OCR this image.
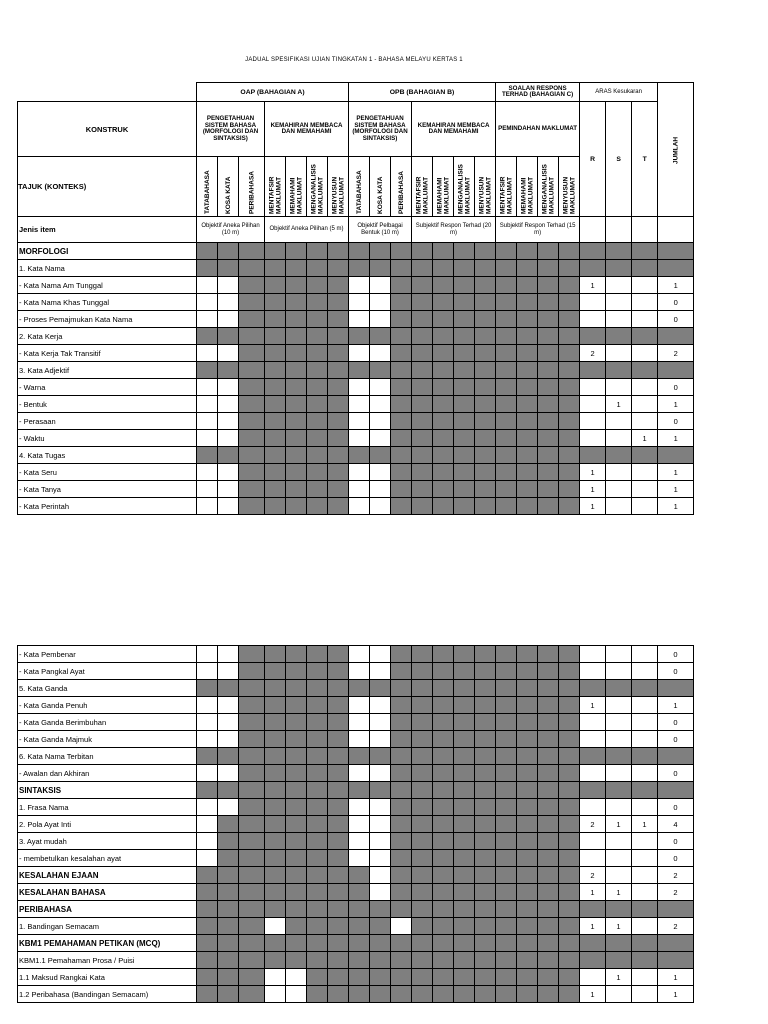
JADUAL SPESIFIKASI UJIAN TINGKATAN 1 - BAHASA MELAYU KERTAS 1
	OAP (BAHAGIAN A)							OPB (BAHAGIAN B)							SOALAN RESPONS TERHAD (BAHAGIAN C)				ARAS Kesukaran			JUMLAH
KONSTRUK	PENGETAHUAN SISTEM BAHASA (MORFOLOGI DAN SINTAKSIS)			KEMAHIRAN MEMBACA DAN MEMAHAMI				PENGETAHUAN SISTEM BAHASA (MORFOLOGI DAN SINTAKSIS)			KEMAHIRAN MEMBACA DAN MEMAHAMI				PEMINDAHAN MAKLUMAT				R	S	T	
TAJUK (KONTEKS)	TATABAHASA	KOSA KATA	PERIBAHASA	MENTAFSIR MAKLUMAT	MEMAHAMI MAKLUMAT	MENGANALISIS MAKLUMAT	MENYUSUN MAKLUMAT	TATABAHASA	KOSA KATA	PERIBAHASA	MENTAFSIR MAKLUMAT	MEMAHAMI MAKLUMAT	MENGANALISIS MAKLUMAT	MENYUSUN MAKLUMAT	MENTAFSIR MAKLUMAT	MEMAHAMI MAKLUMAT	MENGANALISIS MAKLUMAT	MENYUSUN MAKLUMAT				
Jenis item	Objektif Aneka Pilihan (10 m)			Objektif Aneka Pilihan (5 m)				Objektif Pelbagai Bentuk (10 m)			Subjektif Respon Terhad (20 m)				Subjektif Respon Terhad (15 m)							
MORFOLOGI																						
1. Kata Nama																						
- Kata Nama Am Tunggal																			1			1
- Kata Nama Khas Tunggal																						0
- Proses Pemajmukan Kata Nama																						0
2. Kata Kerja																						
- Kata Kerja Tak Transitif																			2			2
3. Kata Adjektif																						
- Warna																						0
- Bentuk																				1		1
- Perasaan																						0
- Waktu																					1	1
4. Kata Tugas																						
- Kata Seru																			1			1
- Kata Tanya																			1			1
- Kata Perintah																			1			1
- Kata Pembenar																						0
- Kata Pangkal Ayat																						0
5. Kata Ganda																						
- Kata Ganda Penuh																			1			1
- Kata Ganda Berimbuhan																						0
- Kata Ganda Majmuk																						0
6. Kata Nama Terbitan																						
- Awalan dan Akhiran																						0
SINTAKSIS																						
1. Frasa Nama																						0
2. Pola Ayat Inti																			2	1	1	4
3. Ayat mudah																						0
- membetulkan kesalahan ayat																						0
KESALAHAN EJAAN																			2			2
KESALAHAN BAHASA																			1	1		2
PERIBAHASA																						
1. Bandingan Semacam																			1	1		2
KBM1 PEMAHAMAN PETIKAN (MCQ)																						
KBM1.1 Pemahaman Prosa / Puisi																						
1.1 Maksud Rangkai Kata																				1		1
1.2 Peribahasa (Bandingan Semacam)																			1			1
